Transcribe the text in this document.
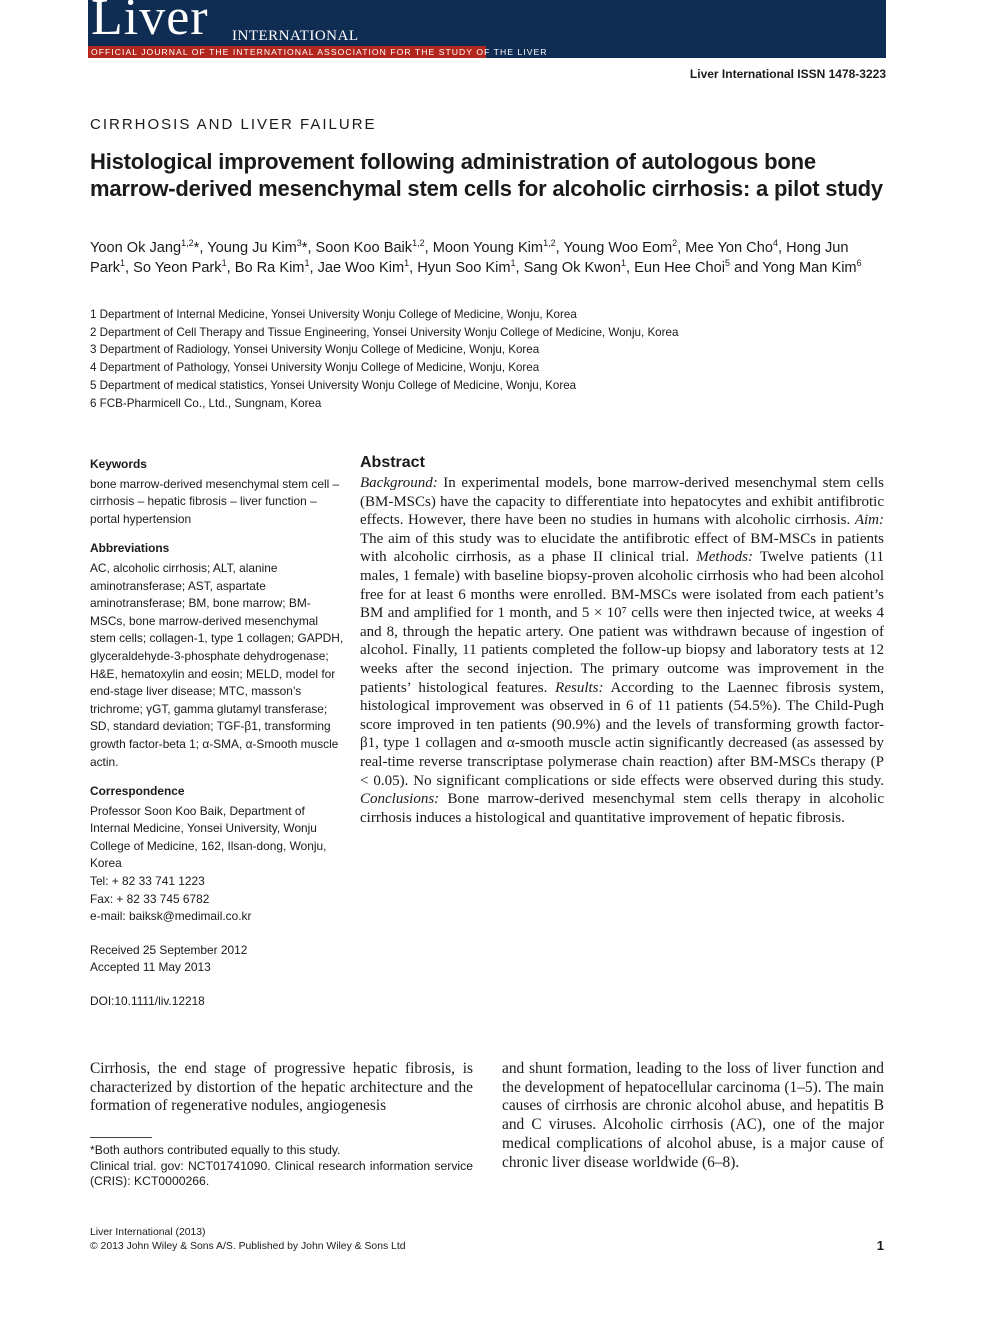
Liver INTERNATIONAL
OFFICIAL JOURNAL OF THE INTERNATIONAL ASSOCIATION FOR THE STUDY OF THE LIVER
Liver International ISSN 1478-3223
CIRRHOSIS AND LIVER FAILURE
Histological improvement following administration of autologous bone marrow-derived mesenchymal stem cells for alcoholic cirrhosis: a pilot study
Yoon Ok Jang$^{1,2}$*, Young Ju Kim$^3$*, Soon Koo Baik$^{1,2}$, Moon Young Kim$^{1,2}$, Young Woo Eom$^2$, Mee Yon Cho$^4$, Hong Jun Park$^1$, So Yeon Park$^1$, Bo Ra Kim$^1$, Jae Woo Kim$^1$, Hyun Soo Kim$^1$, Sang Ok Kwon$^1$, Eun Hee Choi$^5$ and Yong Man Kim$^6$
1 Department of Internal Medicine, Yonsei University Wonju College of Medicine, Wonju, Korea
2 Department of Cell Therapy and Tissue Engineering, Yonsei University Wonju College of Medicine, Wonju, Korea
3 Department of Radiology, Yonsei University Wonju College of Medicine, Wonju, Korea
4 Department of Pathology, Yonsei University Wonju College of Medicine, Wonju, Korea
5 Department of medical statistics, Yonsei University Wonju College of Medicine, Wonju, Korea
6 FCB-Pharmicell Co., Ltd., Sungnam, Korea
Keywords

bone marrow-derived mesenchymal stem cell – cirrhosis – hepatic fibrosis – liver function – portal hypertension

Abbreviations

AC, alcoholic cirrhosis; ALT, alanine aminotransferase; AST, aspartate aminotransferase; BM, bone marrow; BM-MSCs, bone marrow-derived mesenchymal stem cells; collagen-1, type 1 collagen; GAPDH, glyceraldehyde-3-phosphate dehydrogenase; H&E, hematoxylin and eosin; MELD, model for end-stage liver disease; MTC, masson’s trichrome; γGT, gamma glutamyl transferase; SD, standard deviation; TGF-β1, transforming growth factor-beta 1; α-SMA, α-Smooth muscle actin.

Correspondence

Professor Soon Koo Baik, Department of Internal Medicine, Yonsei University, Wonju College of Medicine, 162, Ilsan-dong, Wonju, Korea

Tel: + 82 33 741 1223

Fax: + 82 33 745 6782

e-mail: baiksk@medimail.co.kr

Received 25 September 2012

Accepted 11 May 2013

DOI:10.1111/liv.12218

Abstract

Background: In experimental models, bone marrow-derived mesenchymal stem cells (BM-MSCs) have the capacity to differentiate into hepatocytes and exhibit antifibrotic effects. However, there have been no studies in humans with alcoholic cirrhosis. Aim: The aim of this study was to elucidate the antifibrotic effect of BM-MSCs in patients with alcoholic cirrhosis, as a phase II clinical trial. Methods: Twelve patients (11 males, 1 female) with baseline biopsy-proven alcoholic cirrhosis who had been alcohol free for at least 6 months were enrolled. BM-MSCs were isolated from each patient’s BM and amplified for 1 month, and 5 × 10⁷ cells were then injected twice, at weeks 4 and 8, through the hepatic artery. One patient was withdrawn because of ingestion of alcohol. Finally, 11 patients completed the follow-up biopsy and laboratory tests at 12 weeks after the second injection. The primary outcome was improvement in the patients’ histological features. Results: According to the Laennec fibrosis system, histological improvement was observed in 6 of 11 patients (54.5%). The Child-Pugh score improved in ten patients (90.9%) and the levels of transforming growth factor-β1, type 1 collagen and α-smooth muscle actin significantly decreased (as assessed by real-time reverse transcriptase polymerase chain reaction) after BM-MSCs therapy (P < 0.05). No significant complications or side effects were observed during this study. Conclusions: Bone marrow-derived mesenchymal stem cells therapy in alcoholic cirrhosis induces a histological and quantitative improvement of hepatic fibrosis.

Cirrhosis, the end stage of progressive hepatic fibrosis, is characterized by distortion of the hepatic architecture and the formation of regenerative nodules, angiogenesis

and shunt formation, leading to the loss of liver function and the development of hepatocellular carcinoma (1–5). The main causes of cirrhosis are chronic alcohol abuse, and hepatitis B and C viruses. Alcoholic cirrhosis (AC), one of the major medical complications of alcohol abuse, is a major cause of chronic liver disease worldwide (6–8).

*Both authors contributed equally to this study.

Clinical trial. gov: NCT01741090. Clinical research information service (CRIS): KCT0000266.

Liver International (2013)
© 2013 John Wiley & Sons A/S. Published by John Wiley & Sons Ltd	1
